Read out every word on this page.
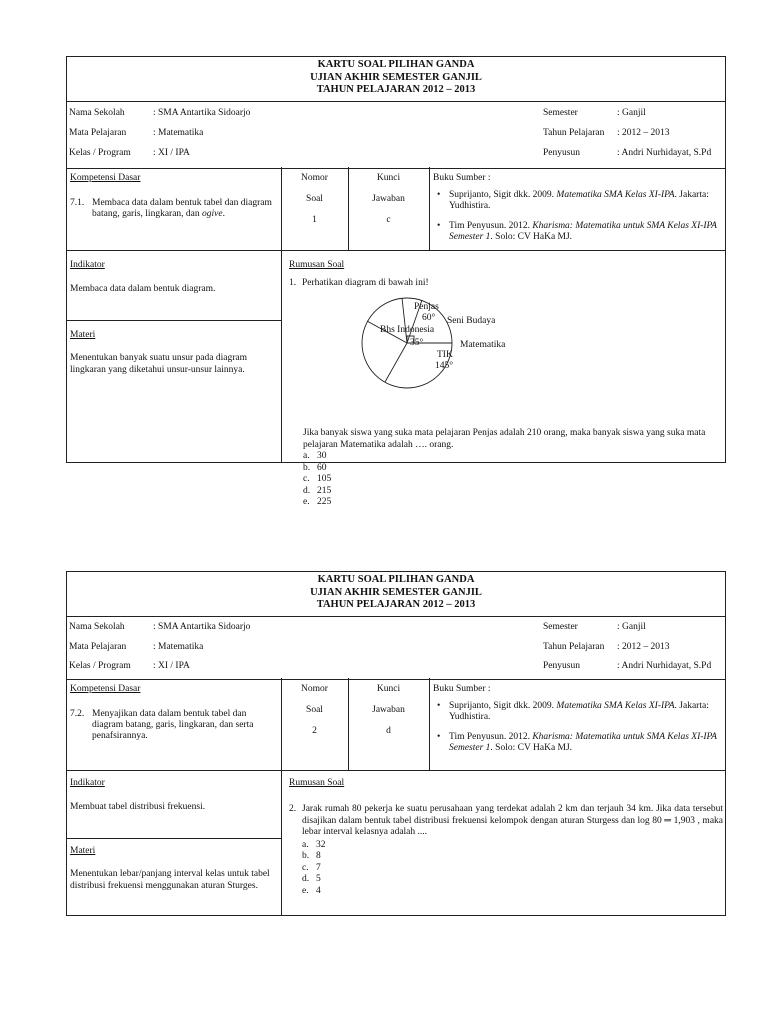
KARTU SOAL PILIHAN GANDA
UJIAN AKHIR SEMESTER GANJIL
TAHUN PELAJARAN 2012 – 2013
Nama Sekolah	: SMA Antartika Sidoarjo	Semester	: Ganjil
Mata Pelajaran	: Matematika	Tahun Pelajaran : 2012 – 2013
Kelas / Program : XI / IPA	Penyusun	: Andri Nurhidayat, S.Pd
Kompetensi Dasar
7.1. Membaca data dalam bentuk tabel dan diagram batang, garis, lingkaran, dan ogive.
Nomor
Soal
1
Kunci
Jawaban
c
Buku Sumber :
• Suprijanto, Sigit dkk. 2009. Matematika SMA Kelas XI-IPA. Jakarta: Yudhistira.
• Tim Penyusun. 2012. Kharisma: Matematika untuk SMA Kelas XI-IPA Semester 1. Solo: CV HaKa MJ.
Indikator
Membaca data dalam bentuk diagram.
Materi
Menentukan banyak suatu unsur pada diagram lingkaran yang diketahui unsur-unsur lainnya.
Rumusan Soal
1. Perhatikan diagram di bawah ini!
Penjas
60° Seni Budaya
Bhs Indonesia
35°	Matematika
TIK
145°
Jika banyak siswa yang suka mata pelajaran Penjas adalah 210 orang, maka banyak siswa yang suka mata pelajaran Matematika adalah …. orang.
a. 30
b. 60
c. 105
d. 215
e. 225
KARTU SOAL PILIHAN GANDA
UJIAN AKHIR SEMESTER GANJIL
TAHUN PELAJARAN 2012 – 2013
Nama Sekolah	: SMA Antartika Sidoarjo	Semester	: Ganjil
Mata Pelajaran	: Matematika	Tahun Pelajaran : 2012 – 2013
Kelas / Program : XI / IPA	Penyusun	: Andri Nurhidayat, S.Pd
Kompetensi Dasar
7.2. Menyajikan data dalam bentuk tabel dan diagram batang, garis, lingkaran, dan serta penafsirannya.
Nomor
Soal
2
Kunci
Jawaban
d
Buku Sumber :
• Suprijanto, Sigit dkk. 2009. Matematika SMA Kelas XI-IPA. Jakarta: Yudhistira.
• Tim Penyusun. 2012. Kharisma: Matematika untuk SMA Kelas XI-IPA Semester 1. Solo: CV HaKa MJ.
Indikator
Membuat tabel distribusi frekuensi.
Materi
Menentukan lebar/panjang interval kelas untuk tabel distribusi frekuensi menggunakan aturan Sturges.
Rumusan Soal
2. Jarak rumah 80 pekerja ke suatu perusahaan yang terdekat adalah 2 km dan terjauh 34 km. Jika data tersebut disajikan dalam bentuk tabel distribusi frekuensi kelompok dengan aturan Sturgess dan log 80 ═ 1,903 , maka lebar interval kelasnya adalah ....
a. 32
b. 8
c. 7
d. 5
e. 4
